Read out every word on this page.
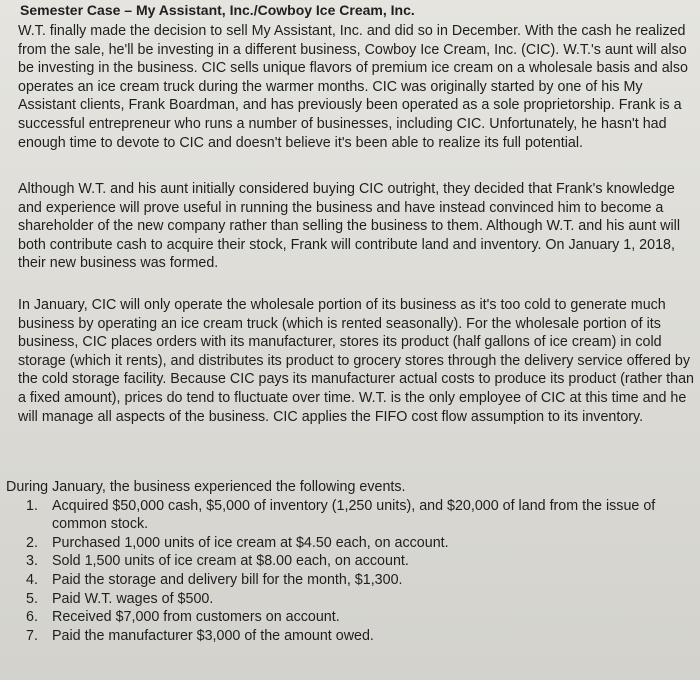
Semester Case – My Assistant, Inc./Cowboy Ice Cream, Inc.

W.T. finally made the decision to sell My Assistant, Inc. and did so in December. With the cash he realized from the sale, he'll be investing in a different business, Cowboy Ice Cream, Inc. (CIC). W.T.'s aunt will also be investing in the business. CIC sells unique flavors of premium ice cream on a wholesale basis and also operates an ice cream truck during the warmer months. CIC was originally started by one of his My Assistant clients, Frank Boardman, and has previously been operated as a sole proprietorship. Frank is a successful entrepreneur who runs a number of businesses, including CIC. Unfortunately, he hasn't had enough time to devote to CIC and doesn't believe it's been able to realize its full potential.

Although W.T. and his aunt initially considered buying CIC outright, they decided that Frank's knowledge and experience will prove useful in running the business and have instead convinced him to become a shareholder of the new company rather than selling the business to them. Although W.T. and his aunt will both contribute cash to acquire their stock, Frank will contribute land and inventory. On January 1, 2018, their new business was formed.

In January, CIC will only operate the wholesale portion of its business as it's too cold to generate much business by operating an ice cream truck (which is rented seasonally). For the wholesale portion of its business, CIC places orders with its manufacturer, stores its product (half gallons of ice cream) in cold storage (which it rents), and distributes its product to grocery stores through the delivery service offered by the cold storage facility. Because CIC pays its manufacturer actual costs to produce its product (rather than a fixed amount), prices do tend to fluctuate over time. W.T. is the only employee of CIC at this time and he will manage all aspects of the business. CIC applies the FIFO cost flow assumption to its inventory.

During January, the business experienced the following events.

1. Acquired $50,000 cash, $5,000 of inventory (1,250 units), and $20,000 of land from the issue of common stock.
2. Purchased 1,000 units of ice cream at $4.50 each, on account.
3. Sold 1,500 units of ice cream at $8.00 each, on account.
4. Paid the storage and delivery bill for the month, $1,300.
5. Paid W.T. wages of $500.
6. Received $7,000 from customers on account.
7. Paid the manufacturer $3,000 of the amount owed.
